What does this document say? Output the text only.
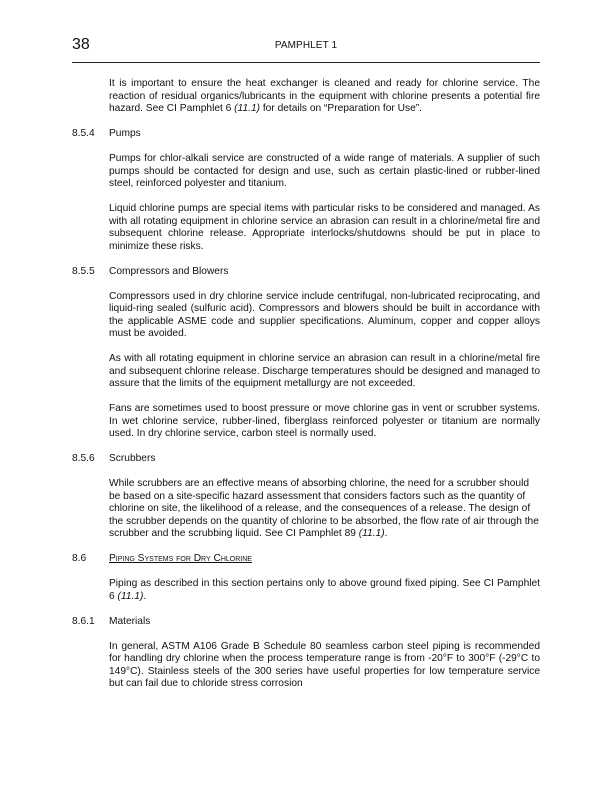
38	PAMPHLET 1

It is important to ensure the heat exchanger is cleaned and ready for chlorine service. The reaction of residual organics/lubricants in the equipment with chlorine presents a potential fire hazard. See CI Pamphlet 6 (11.1) for details on “Preparation for Use”.

8.5.4	Pumps

Pumps for chlor-alkali service are constructed of a wide range of materials. A supplier of such pumps should be contacted for design and use, such as certain plastic-lined or rubber-lined steel, reinforced polyester and titanium.

Liquid chlorine pumps are special items with particular risks to be considered and managed. As with all rotating equipment in chlorine service an abrasion can result in a chlorine/metal fire and subsequent chlorine release. Appropriate interlocks/shutdowns should be put in place to minimize these risks.

8.5.5	Compressors and Blowers

Compressors used in dry chlorine service include centrifugal, non-lubricated reciprocating, and liquid-ring sealed (sulfuric acid). Compressors and blowers should be built in accordance with the applicable ASME code and supplier specifications. Aluminum, copper and copper alloys must be avoided.

As with all rotating equipment in chlorine service an abrasion can result in a chlorine/metal fire and subsequent chlorine release. Discharge temperatures should be designed and managed to assure that the limits of the equipment metallurgy are not exceeded.

Fans are sometimes used to boost pressure or move chlorine gas in vent or scrubber systems. In wet chlorine service, rubber-lined, fiberglass reinforced polyester or titanium are normally used. In dry chlorine service, carbon steel is normally used.

8.5.6	Scrubbers

While scrubbers are an effective means of absorbing chlorine, the need for a scrubber should be based on a site-specific hazard assessment that considers factors such as the quantity of chlorine on site, the likelihood of a release, and the consequences of a release. The design of the scrubber depends on the quantity of chlorine to be absorbed, the flow rate of air through the scrubber and the scrubbing liquid. See CI Pamphlet 89 (11.1).

8.6	Piping Systems for Dry Chlorine

Piping as described in this section pertains only to above ground fixed piping. See CI Pamphlet 6 (11.1).

8.6.1	Materials

In general, ASTM A106 Grade B Schedule 80 seamless carbon steel piping is recommended for handling dry chlorine when the process temperature range is from -20°F to 300°F (-29°C to 149°C). Stainless steels of the 300 series have useful properties for low temperature service but can fail due to chloride stress corrosion
